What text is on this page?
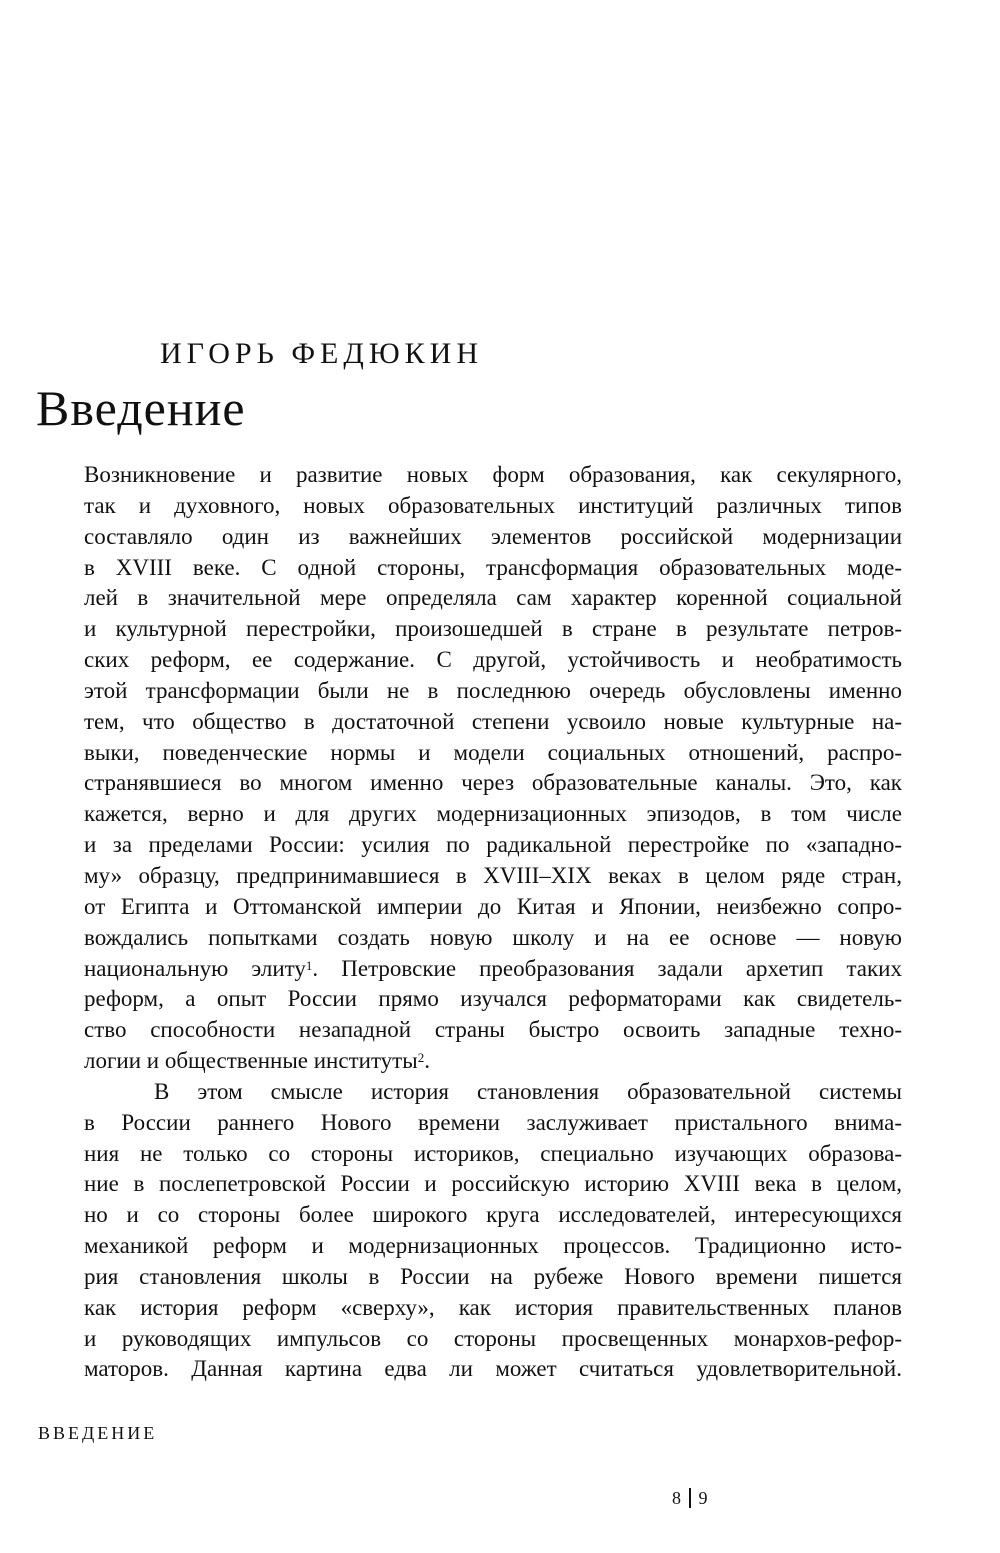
ИГОРЬ ФЕДЮКИН
Введение
Возникновение и развитие новых форм образования, как секулярного,
так и духовного, новых образовательных институций различных типов
составляло один из важнейших элементов российской модернизации
в XVIII веке. С одной стороны, трансформация образовательных моде-
лей в значительной мере определяла сам характер коренной социальной
и культурной перестройки, произошедшей в стране в результате петров-
ских реформ, ее содержание. С другой, устойчивость и необратимость
этой трансформации были не в последнюю очередь обусловлены именно
тем, что общество в достаточной степени усвоило новые культурные на-
выки, поведенческие нормы и модели социальных отношений, распро-
странявшиеся во многом именно через образовательные каналы. Это, как
кажется, верно и для других модернизационных эпизодов, в том числе
и за пределами России: усилия по радикальной перестройке по «западно-
му» образцу, предпринимавшиеся в XVIII–XIX веках в целом ряде стран,
от Египта и Оттоманской империи до Китая и Японии, неизбежно сопро-
вождались попытками создать новую школу и на ее основе — новую
национальную элиту$^1$. Петровские преобразования задали архетип таких
реформ, а опыт России прямо изучался реформаторами как свидетель-
ство способности незападной страны быстро освоить западные техно-
логии и общественные институты$^2$.
В этом смысле история становления образовательной системы
в России раннего Нового времени заслуживает пристального внима-
ния не только со стороны историков, специально изучающих образова-
ние в послепетровской России и российскую историю XVIII века в целом,
но и со стороны более широкого круга исследователей, интересующихся
механикой реформ и модернизационных процессов. Традиционно исто-
рия становления школы в России на рубеже Нового времени пишется
как история реформ «сверху», как история правительственных планов
и руководящих импульсов со стороны просвещенных монархов-рефор-
маторов. Данная картина едва ли может считаться удовлетворительной.
ВВЕДЕНИЕ
8 9
